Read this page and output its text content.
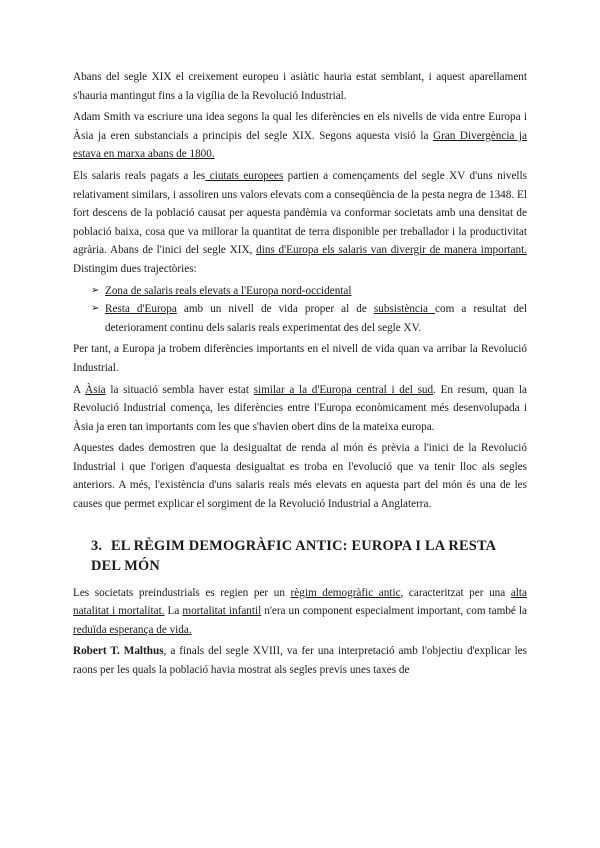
Abans del segle XIX el creixement europeu i asiàtic hauria estat semblant, i aquest aparellament s'hauria mantingut fins a la vigília de la Revolució Industrial.

Adam Smith va escriure una idea segons la qual les diferències en els nivells de vida entre Europa i Àsia ja eren substancials a principis del segle XIX. Segons aquesta visió la Gran Divergència ja estava en marxa abans de 1800.

Els salaris reals pagats a les ciutats europees partien a començaments del segle XV d'uns nivells relativament similars, i assoliren uns valors elevats com a conseqüència de la pesta negra de 1348. El fort descens de la població causat per aquesta pandèmia va conformar societats amb una densitat de població baixa, cosa que va millorar la quantitat de terra disponible per treballador i la productivitat agrària. Abans de l'inici del segle XIX, dins d'Europa els salaris van divergir de manera important. Distingim dues trajectòries:

➢ Zona de salaris reals elevats a l'Europa nord-occidental
➢ Resta d'Europa amb un nivell de vida proper al de subsistència com a resultat del deteriorament continu dels salaris reals experimentat des del segle XV.

Per tant, a Europa ja trobem diferències importants en el nivell de vida quan va arribar la Revolució Industrial.

A Àsia la situació sembla haver estat similar a la d'Europa central i del sud. En resum, quan la Revolució Industrial comença, les diferències entre l'Europa econòmicament més desenvolupada i Àsia ja eren tan importants com les que s'havien obert dins de la mateixa europa.

Aquestes dades demostren que la desigualtat de renda al món és prèvia a l'inici de la Revolució Industrial i que l'origen d'aquesta desigualtat es troba en l'evolució que va tenir lloc als segles anteriors. A més, l'existència d'uns salaris reals més elevats en aquesta part del món és una de les causes que permet explicar el sorgiment de la Revolució Industrial a Anglaterra.

3. EL RÈGIM DEMOGRÀFIC ANTIC: EUROPA I LA RESTA DEL MÓN

Les societats preindustrials es regien per un règim demogràfic antic, caracteritzat per una alta natalitat i mortalitat. La mortalitat infantil n'era un component especialment important, com també la reduïda esperança de vida.

Robert T. Malthus, a finals del segle XVIII, va fer una interpretació amb l'objectiu d'explicar les raons per les quals la població havia mostrat als segles previs unes taxes de
